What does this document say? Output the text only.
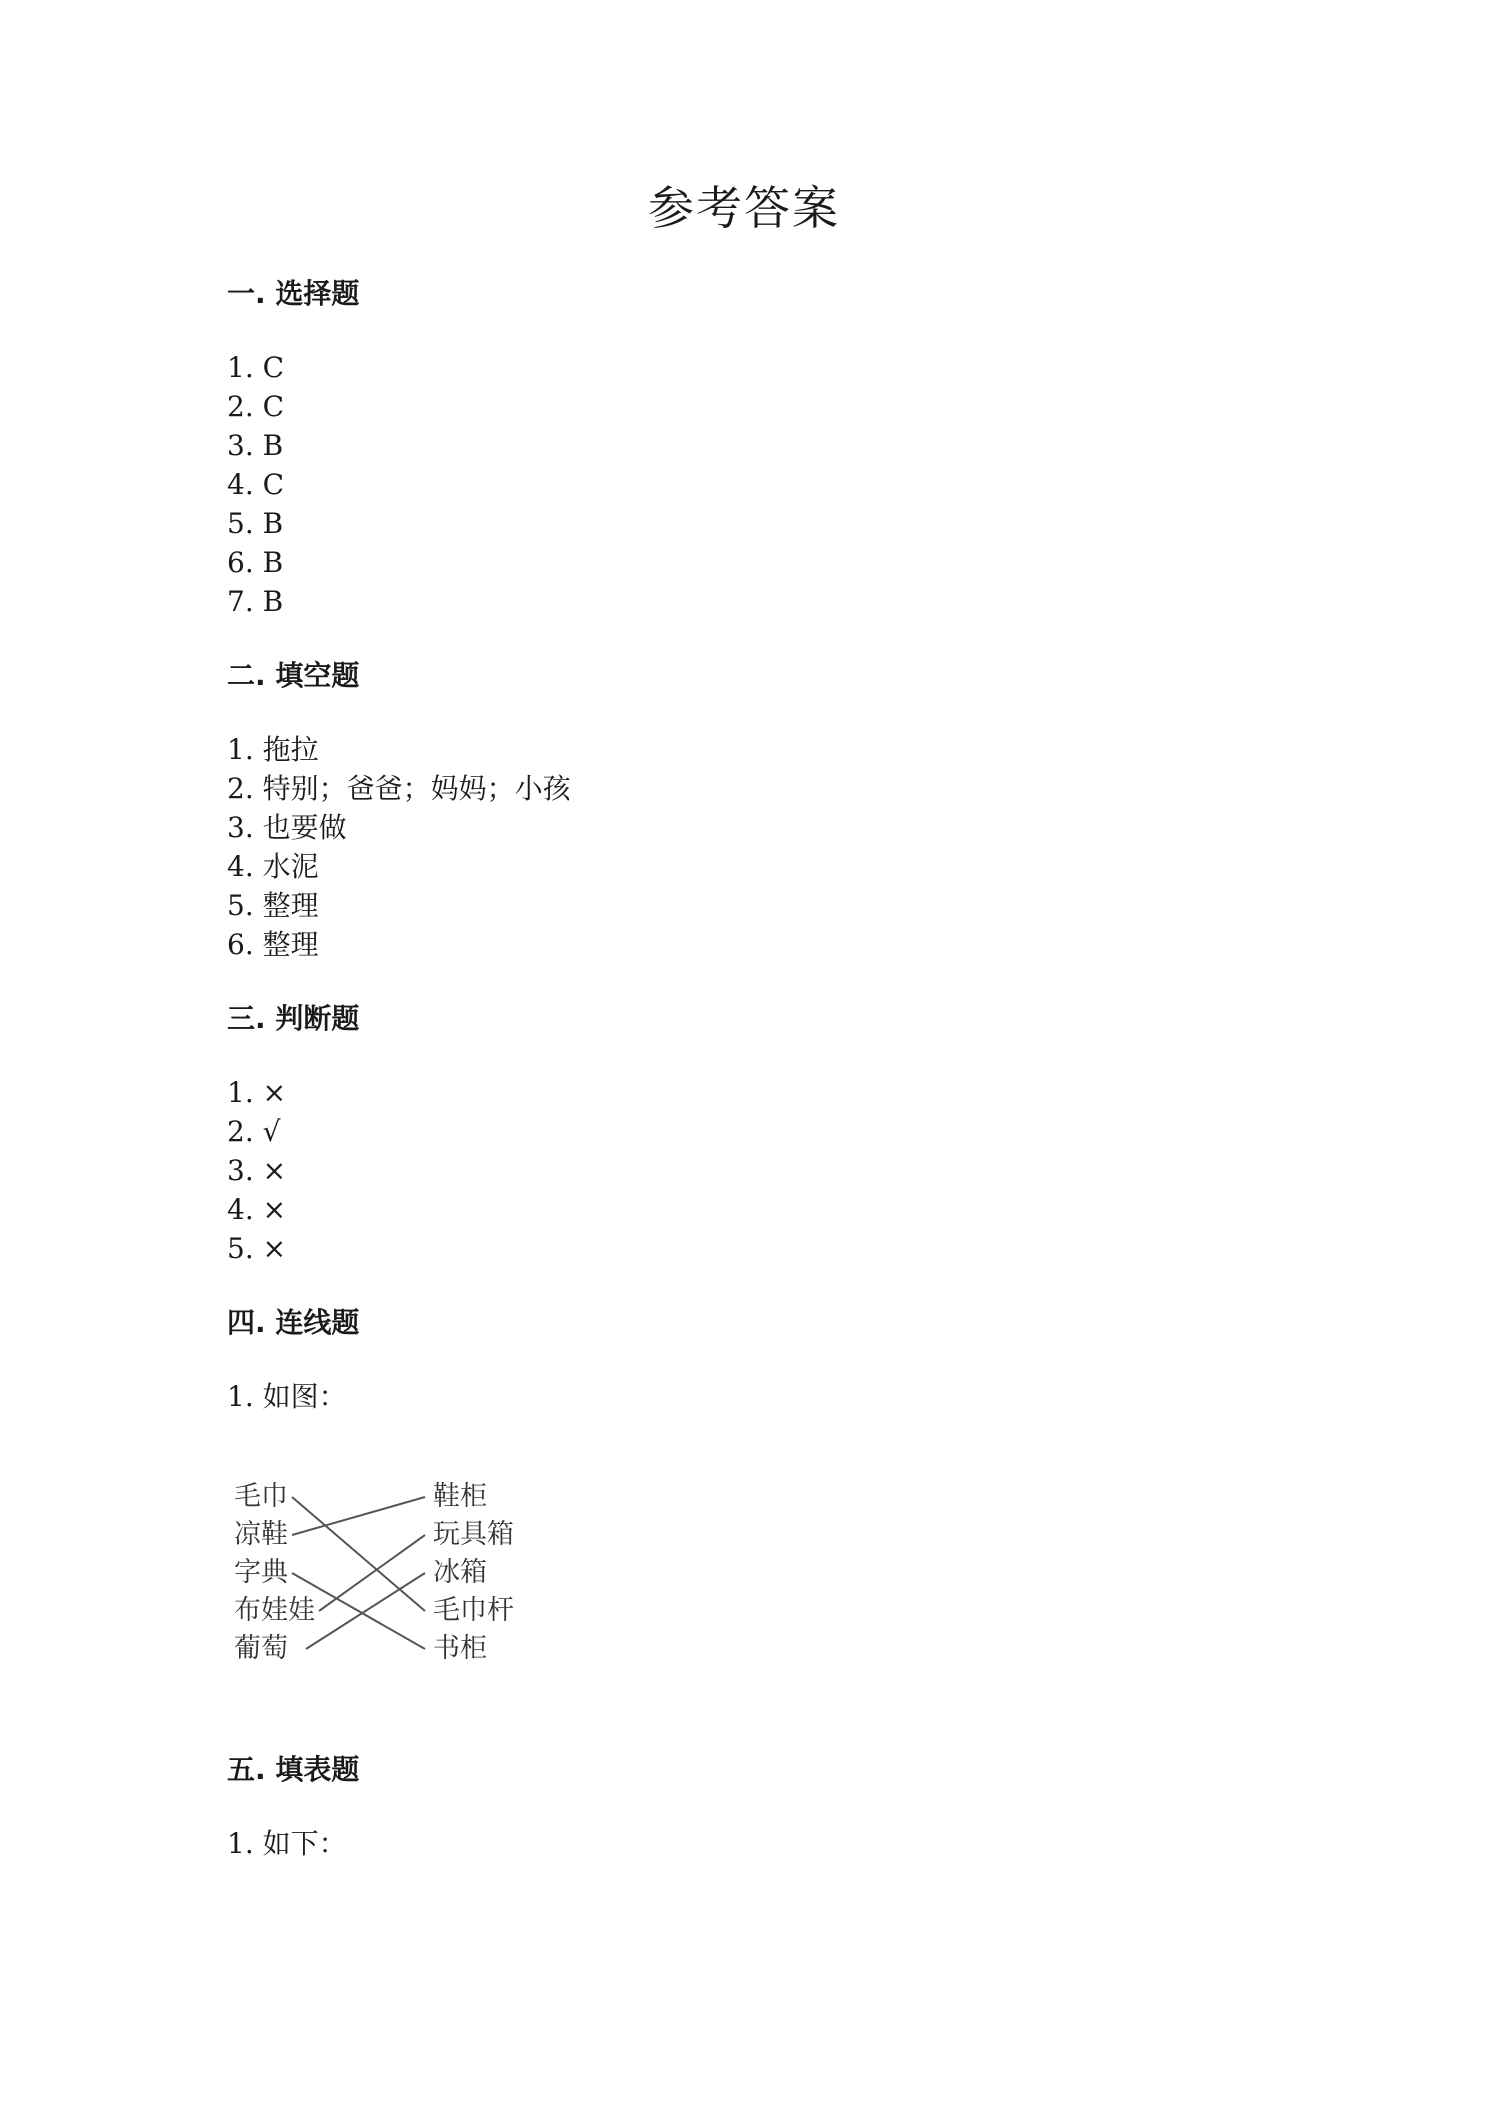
参考答案
一. 选择题
1. C
2. C
3. B
4. C
5. B
6. B
7. B
二. 填空题
1. 拖拉
2. 特别；爸爸；妈妈；小孩
3. 也要做
4. 水泥
5. 整理
6. 整理
三. 判断题
1. ×
2. √
3. ×
4. ×
5. ×
四. 连线题
1. 如图：
毛巾
凉鞋
字典
布娃娃
葡萄
鞋柜
玩具箱
冰箱
毛巾杆
书柜
五. 填表题
1. 如下：
